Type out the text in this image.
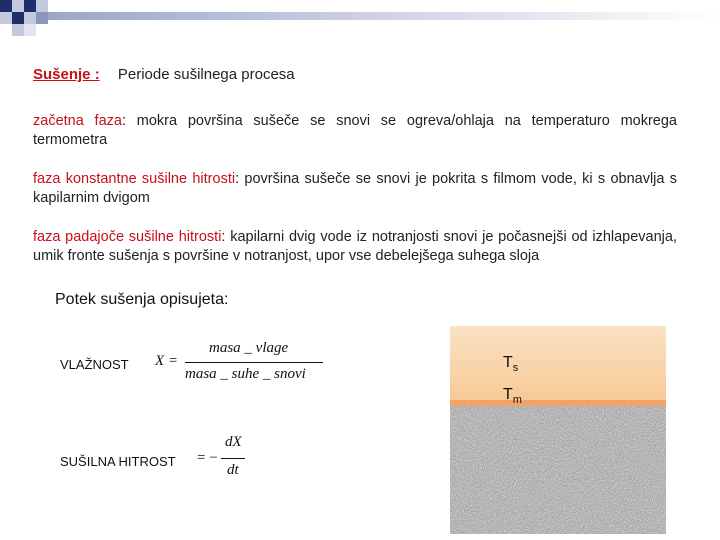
Sušenje : Periode sušilnega procesa
začetna faza: mokra površina sušeče se snovi se ogreva/ohlaja na temperaturo mokrega termometra
faza konstantne sušilne hitrosti: površina sušeče se snovi je pokrita s filmom vode, ki s obnavlja s kapilarnim dvigom
faza padajoče sušilne hitrosti: kapilarni dvig vode iz notranjosti snovi je počasnejši od izhlapevanja, umik fronte sušenja s površine v notranjost, upor vse debelejšega suhega sloja
Potek sušenja opisujeta:
VLAŽNOST X =
masa _ vlage
masa _ suhe _ snovi
SUŠILNA HITROST = −
dX
dt
$T_s$
$T_m$
